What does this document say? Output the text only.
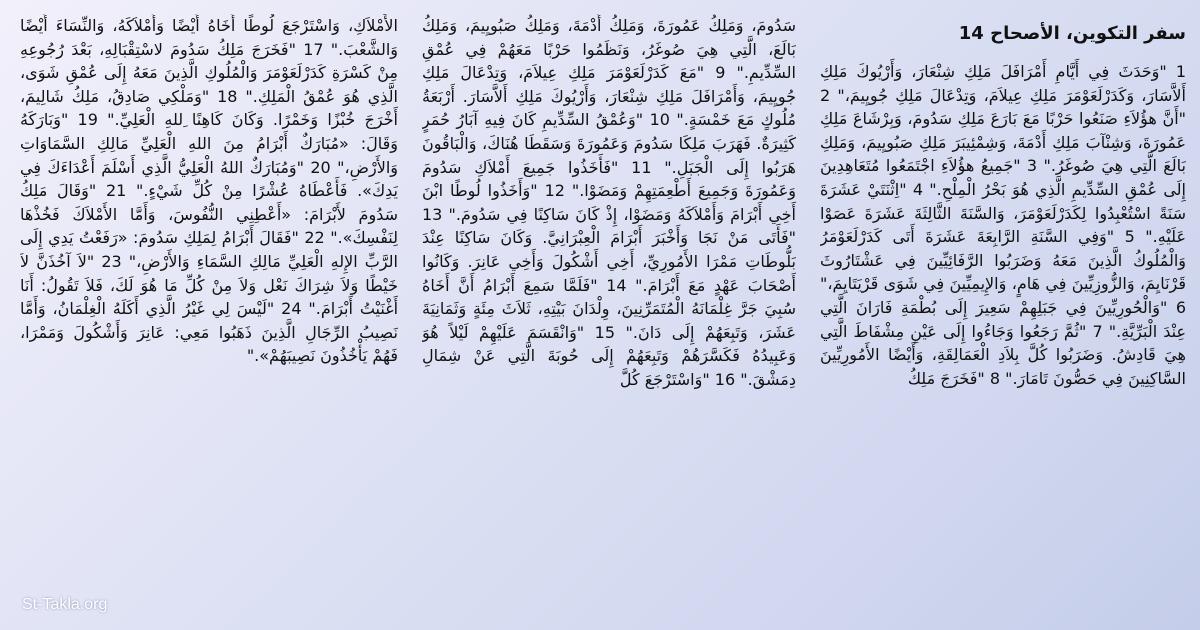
سفر التكوين، الأصحاح 14

1 "وَحَدَثَ فِي أَيَّامِ أَمْرَافَلَ مَلِكِ شِنْعَارَ، وَأَرْيُوكَ مَلِكِ أَلاَّسَارَ، وَكَدَرْلَعَوْمَرَ مَلِكِ عِيلاَمَ، وَتِدْعَالَ مَلِكِ جُويِيمَ،" 2 "أَنَّ هؤُلاَءِ صَنَعُوا حَرْبًا مَعَ بَارَعَ مَلِكِ سَدُومَ، وَبِرْشَاعَ مَلِكِ عَمُورَةَ، وَشِنْآبَ مَلِكِ أَدْمَةَ، وَشِمْئِيبَرَ مَلِكِ صَبُويِيمَ، وَمَلِكِ بَالَعَ الَّتِي هِيَ صُوغَرُ." 3 "جَمِيعُ هؤُلاَءِ اجْتَمَعُوا مُتَعَاهِدِينَ إِلَى عُمْقِ السِّدِّيمِ الَّذِي هُوَ بَحْرُ الْمِلْحِ." 4 "اِثْنَتَيْ عَشَرَةَ سَنَةً اسْتُعْبِدُوا لِكَدَرْلَعَوْمَرَ، وَالسَّنَةَ الثَّالِثَةَ عَشَرَةَ عَصَوْا عَلَيْهِ." 5 "وَفِي السَّنَةِ الرَّابِعَةَ عَشَرَةَ أَتَى كَدَرْلَعَوْمَرُ وَالْمُلُوكُ الَّذِينَ مَعَهُ وَضَرَبُوا الرَّفَائِيِّينَ فِي عَشْتَارُوثَ قَرْنَايِمَ، وَالزُّوزِيِّينَ فِي هَامٍ، وَالإِيمِيِّينَ فِي شَوَى قَرْيَتَايِمَ،" 6 "وَالْحُورِيِّينَ فِي جَبَلِهِمْ سَعِيرَ إِلَى بُطْمَةِ فَارَانَ الَّتِي عِنْدَ الْبَرِّيَّةِ." 7 "ثُمَّ رَجَعُوا وَجَاءُوا إِلَى عَيْنِ مِشْفَاطَ الَّتِي هِيَ قَادِشُ. وَضَرَبُوا كُلَّ بِلاَدِ الْعَمَالِقَةِ، وَأَيْضًا الأَمُورِيِّينَ السَّاكِنِينَ فِي حَصُّونَ تَامَارَ." 8 "فَخَرَجَ مَلِكُ

سَدُومَ، وَمَلِكُ عَمُورَةَ، وَمَلِكُ أَدْمَةَ، وَمَلِكُ صَبُويِيمَ، وَمَلِكُ بَالَعَ، الَّتِي هِيَ صُوغَرُ، وَنَظَمُوا حَرْبًا مَعَهُمْ فِي عُمْقِ السِّدِّيمِ." 9 "مَعَ كَدَرْلَعَوْمَرَ مَلِكِ عِيلاَمَ، وَتِدْعَالَ مَلِكِ جُويِيمَ، وَأَمْرَافَلَ مَلِكِ شِنْعَارَ، وَأَرْيُوكَ مَلِكِ أَلاَّسَارَ. أَرْبَعَةُ مُلُوكٍ مَعَ خَمْسَةٍ." 10 "وَعُمْقُ السِّدِّيمِ كَانَ فِيهِ آبَارُ حُمَرٍ كَثِيرَةٌ. فَهَرَبَ مَلِكَا سَدُومَ وَعَمُورَةَ وَسَقَطَا هُنَاكَ، وَالْبَاقُونَ هَرَبُوا إِلَى الْجَبَلِ." 11 "فَأَخَذُوا جَمِيعَ أَمْلاَكِ سَدُومَ وَعَمُورَةَ وَجَمِيعَ أَطْعِمَتِهِمْ وَمَضَوْا." 12 "وَأَخَذُوا لُوطًا ابْنَ أَخِي أَبْرَامَ وَأَمْلاَكَهُ وَمَضَوْا، إِذْ كَانَ سَاكِنًا فِي سَدُومَ." 13 "فَأَتَى مَنْ نَجَا وَأَخْبَرَ أَبْرَامَ الْعِبْرَانِيَّ. وَكَانَ سَاكِنًا عِنْدَ بَلُّوطَاتِ مَمْرَا الأَمُورِيِّ، أَخِي أَشْكُولَ وَأَخِي عَانِرَ. وَكَانُوا أَصْحَابَ عَهْدٍ مَعَ أَبْرَامَ." 14 "فَلَمَّا سَمِعَ أَبْرَامُ أَنَّ أَخَاهُ سُبِيَ جَرَّ غِلْمَانَهُ الْمُتَمَرِّنِينَ، وِلْدَانَ بَيْتِهِ، ثَلاَثَ مِئَةٍ وَثَمَانِيَةَ عَشَرَ، وَتَبِعَهُمْ إِلَى دَانَ." 15 "وَانْقَسَمَ عَلَيْهِمْ لَيْلاً هُوَ وَعَبِيدُهُ فَكَسَّرَهُمْ وَتَبِعَهُمْ إِلَى حُوبَةَ الَّتِي عَنْ شِمَالِ دِمَشْقَ." 16 "وَاسْتَرْجَعَ كُلَّ

الأَمْلاَكِ، وَاسْتَرْجَعَ لُوطًا أَخَاهُ أَيْضًا وَأَمْلاَكَهُ، وَالنِّسَاءَ أَيْضًا وَالشَّعْبَ." 17 "فَخَرَجَ مَلِكُ سَدُومَ لاسْتِقْبَالِهِ، بَعْدَ رُجُوعِهِ مِنْ كَسْرَةِ كَدَرْلَعَوْمَرَ وَالْمُلُوكِ الَّذِينَ مَعَهُ إِلَى عُمْقِ شَوَى، الَّذِي هُوَ عُمْقُ الْمَلِكِ." 18 "وَمَلْكِي صَادِقُ، مَلِكُ شَالِيمَ، أَخْرَجَ خُبْزًا وَخَمْرًا. وَكَانَ كَاهِنًا ِللهِ الْعَلِيِّ." 19 "وَبَارَكَهُ وَقَالَ: «مُبَارَكٌ أَبْرَامُ مِنَ اللهِ الْعَلِيِّ مَالِكِ السَّمَاوَاتِ وَالأَرْضِ،" 20 "وَمُبَارَكٌ اللهُ الْعَلِيُّ الَّذِي أَسْلَمَ أَعْدَاءَكَ فِي يَدِكَ». فَأَعْطَاهُ عُشْرًا مِنْ كُلِّ شَيْءٍ." 21 "وَقَالَ مَلِكُ سَدُومَ لأَبْرَامَ: «أَعْطِنِي النُّفُوسَ، وَأَمَّا الأَمْلاَكَ فَخُذْهَا لِنَفْسِكَ»." 22 "فَقَالَ أَبْرَامُ لِمَلِكِ سَدُومَ: «رَفَعْتُ يَدِي إِلَى الرَّبِّ الإِلهِ الْعَلِيِّ مَالِكِ السَّمَاءِ وَالأَرْضِ،" 23 "لاَ آخُذَنَّ لاَ خَيْطًا وَلاَ شِرَاكَ نَعْل وَلاَ مِنْ كُلِّ مَا هُوَ لَكَ، فَلاَ تَقُولُ: أَنَا أَغْنَيْتُ أَبْرَامَ." 24 "لَيْسَ لِي غَيْرُ الَّذِي أَكَلَهُ الْغِلْمَانُ، وَأَمَّا نَصِيبُ الرِّجَالِ الَّذِينَ ذَهَبُوا مَعِي: عَانِرَ وَأَشْكُولَ وَمَمْرَا، فَهُمْ يَأْخُذُونَ نَصِيبَهُمْ»."

St-Takla.org
